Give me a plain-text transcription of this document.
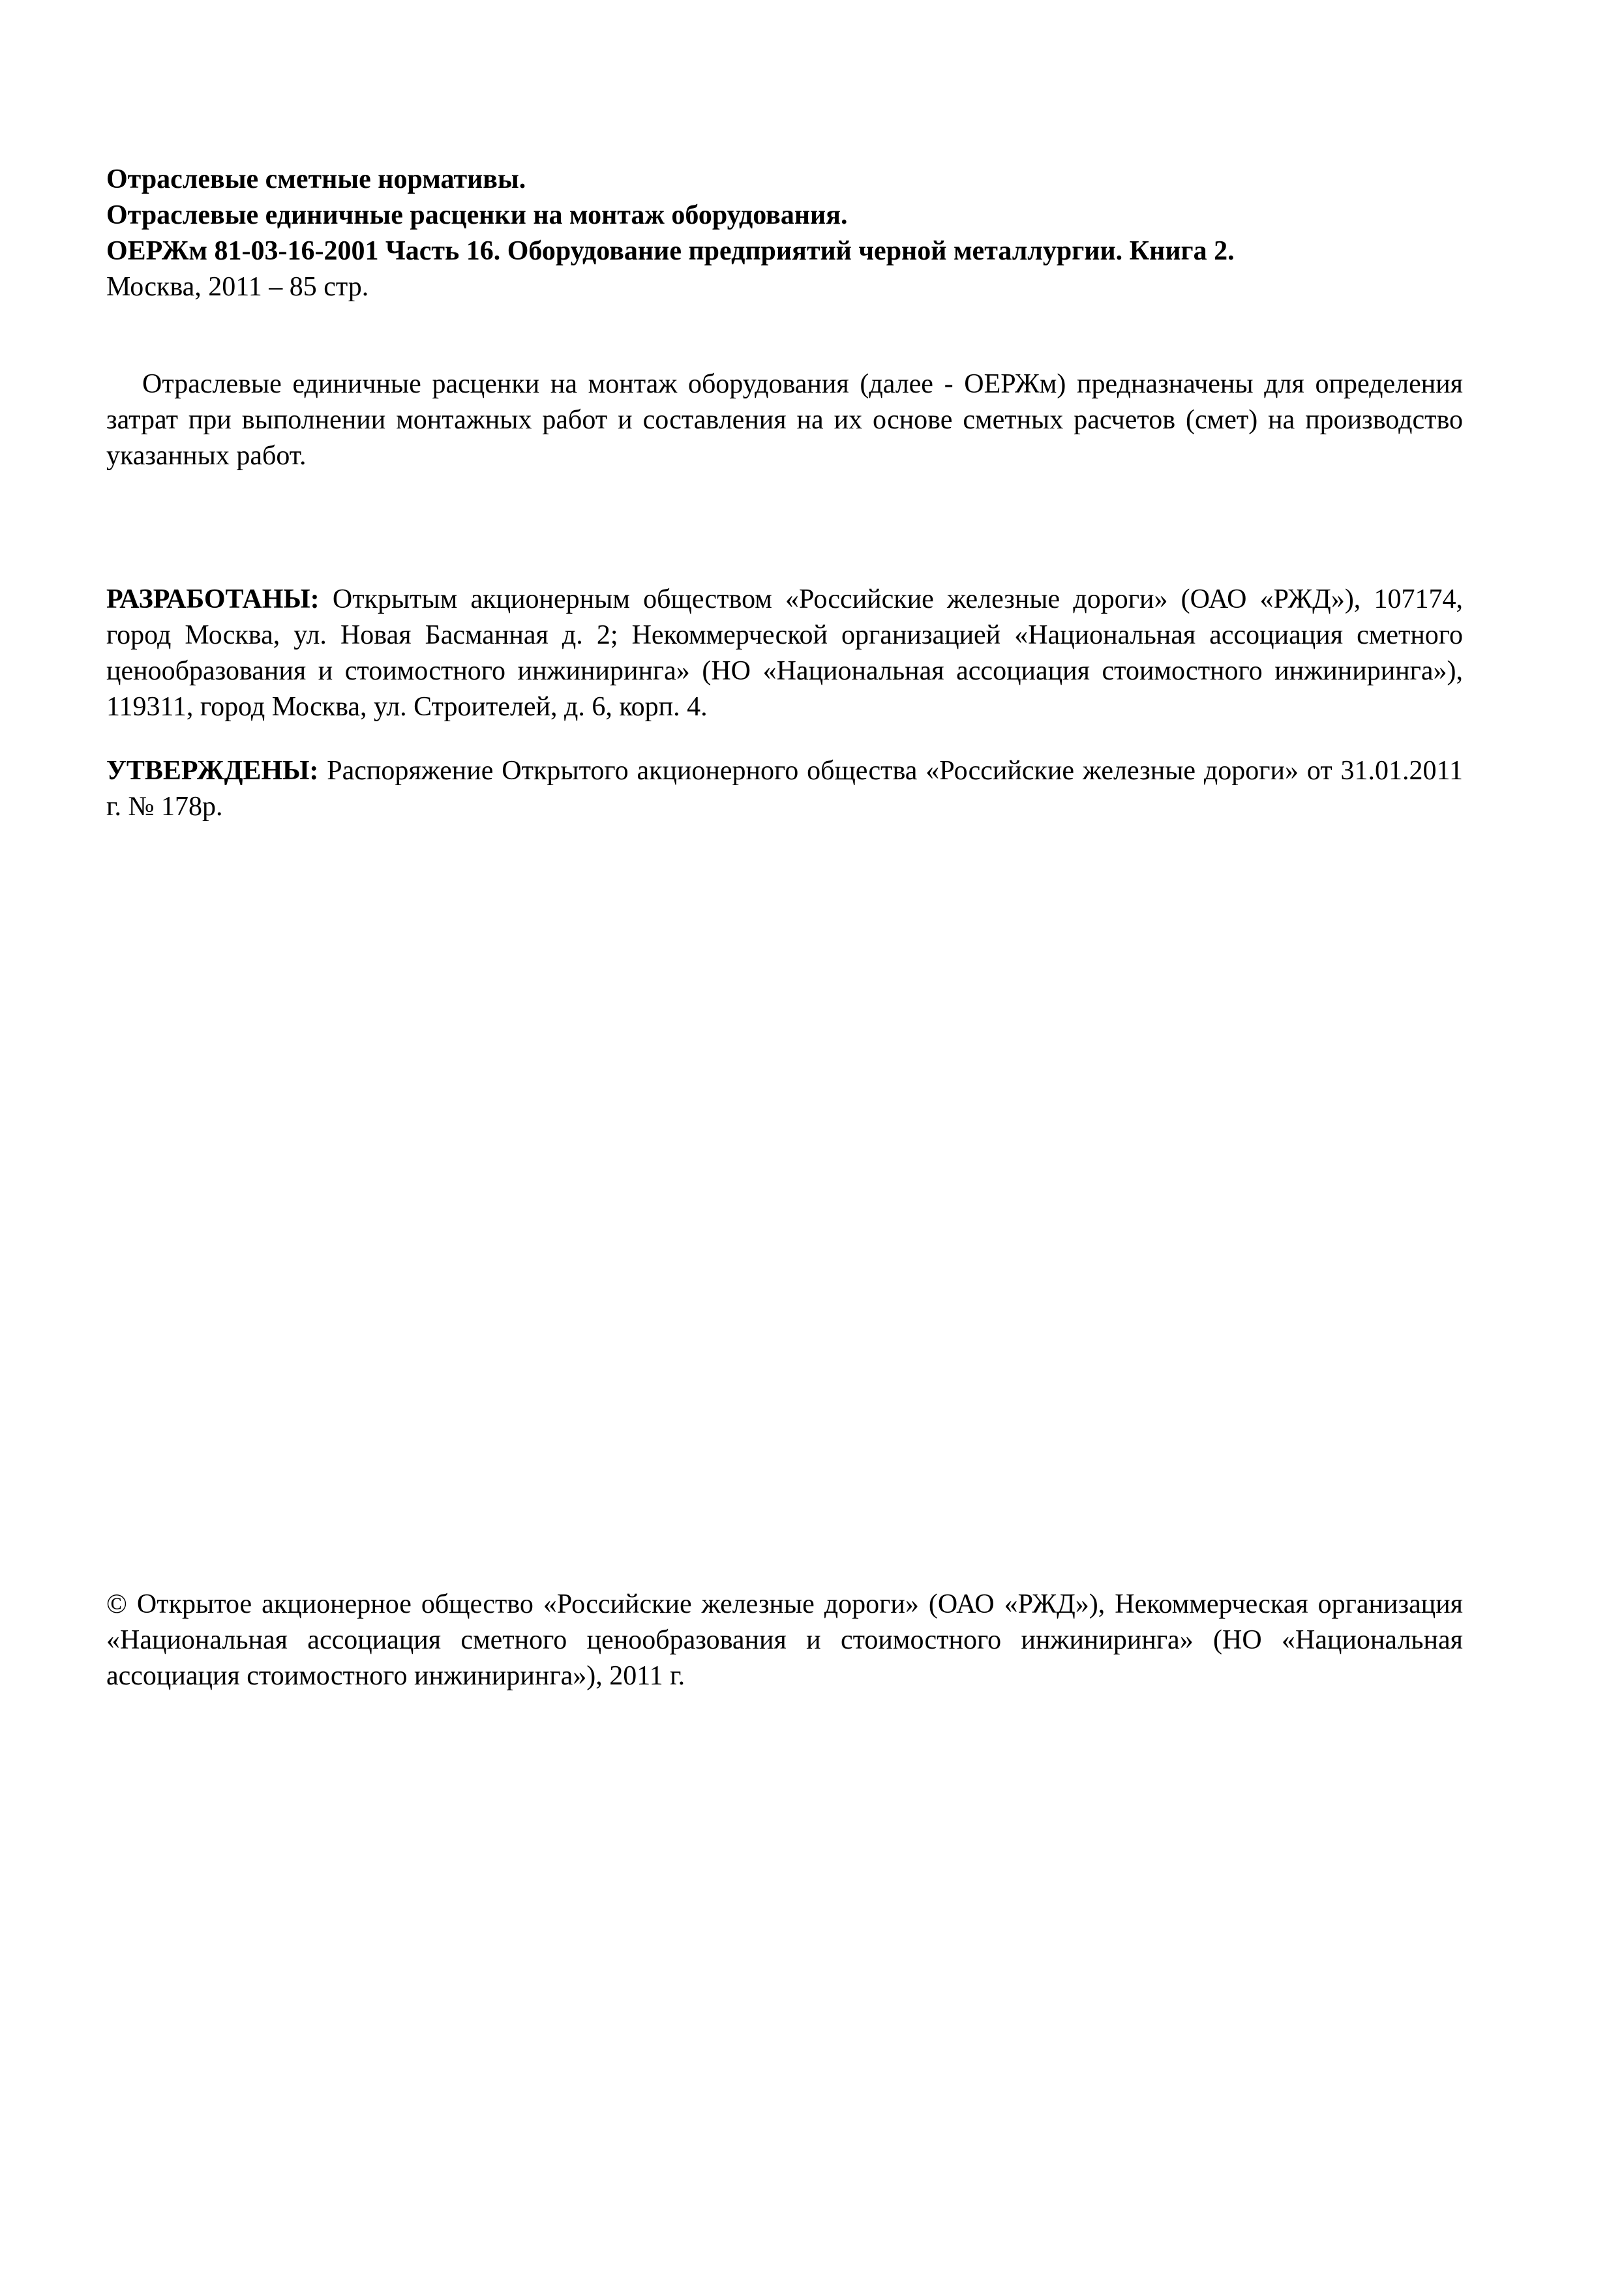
Отраслевые сметные нормативы.
Отраслевые единичные расценки на монтаж оборудования.
ОЕРЖм 81-03-16-2001 Часть 16. Оборудование предприятий черной металлургии. Книга 2.
Москва, 2011 – 85 стр.
Отраслевые единичные расценки на монтаж оборудования (далее - ОЕРЖм) предназначены для определения затрат при выполнении монтажных работ и составления на их основе сметных расчетов (смет) на производство указанных работ.
РАЗРАБОТАНЫ: Открытым акционерным обществом «Российские железные дороги» (ОАО «РЖД»), 107174, город Москва, ул. Новая Басманная д. 2; Некоммерческой организацией «Национальная ассоциация сметного ценообразования и стоимостного инжиниринга» (НО «Национальная ассоциация стоимостного инжиниринга»), 119311, город Москва, ул. Строителей, д. 6, корп. 4.
УТВЕРЖДЕНЫ: Распоряжение Открытого акционерного общества «Российские железные дороги» от 31.01.2011 г. № 178р.
© Открытое акционерное общество «Российские железные дороги» (ОАО «РЖД»), Некоммерческая организация «Национальная ассоциация сметного ценообразования и стоимостного инжиниринга» (НО «Национальная ассоциация стоимостного инжиниринга»), 2011 г.
